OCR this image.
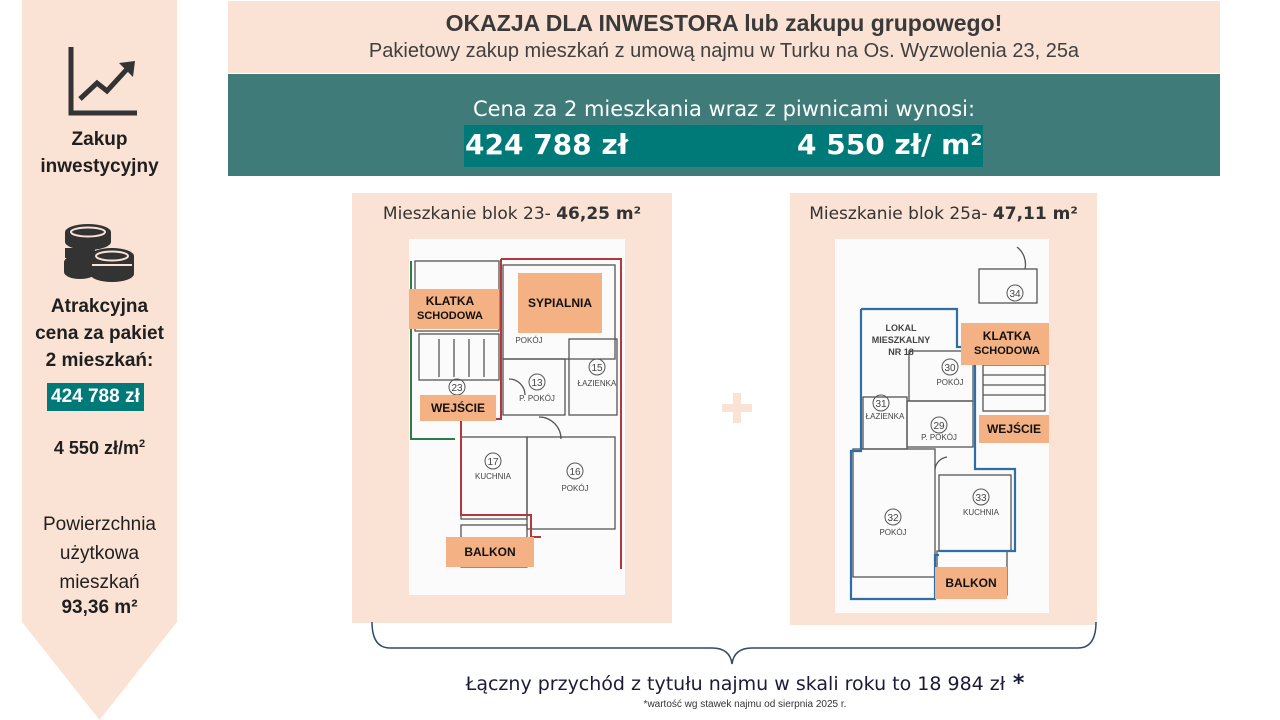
Zakup
inwestycyjny
Atrakcyjna
cena za pakiet
2 mieszkań:
424 788 zł
4 550 $zł/m^2$
Powierzchnia
użytkowa
mieszkań
93,36 m²
OKAZJA DLA INWESTORA lub zakupu grupowego!
Pakietowy zakup mieszkań z umową najmu w Turku na Os. Wyzwolenia 23, 25a
Cena za 2 mieszkania wraz z piwnicami wynosi:
424 788 zł	4 550 zł/ m²
Mieszkanie blok 23- 46,25 m²
23
POKÓJ
13
P. POKÓJ
15
ŁAZIENKA
17
KUCHNIA	16
POKÓJ
KLATKA
SCHODOWA
SYPIALNIA
WEJŚCIE
BALKON
Mieszkanie blok 25a- 47,11 m²
34
LOKAL
MIESZKALNY
NR 18
30
POKÓJ
31
ŁAZIENKA
29
P. POKÓJ
32
POKÓJ
33
KUCHNIA
KLATKA
SCHODOWA
WEJŚCIE
BALKON
Łączny przychód z tytułu najmu w skali roku to 18 984 zł *
*wartość wg stawek najmu od sierpnia 2025 r.
